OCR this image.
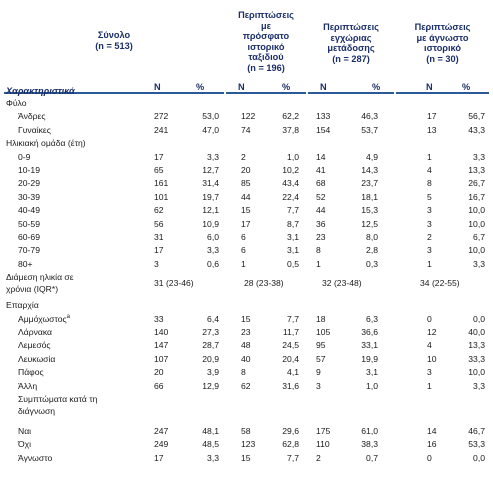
Σύνολο
(n = 513)
N	%
Χαρακτηριστικά
Περιπτώσεις
με
πρόσφατο
ιστορικό
ταξιδιού
(n = 196)
N	%
Περιπτώσεις
εγχώριας
μετάδοσης
(n = 287)
N	%
Περιπτώσεις
με άγνωστο
ιστορικό
(n = 30)
N	%
Φύλο
Άνδρες	272	53,0	122	62,2 133	46,3	17	56,7
Γυναίκες	241	47,0	74	37,8 154	53,7	13	43,3
Ηλικιακή ομάδα (έτη)
0-9	17	3,3	2	1,0 14	4,9	1	3,3
10-19	65	12,7	20	10,2 41	14,3	4	13,3
20-29	161	31,4	85	43,4 68	23,7	8	26,7
30-39	101	19,7	44	22,4 52	18,1	5	16,7
40-49	62	12,1	15	7,7 44	15,3	3	10,0
50-59	56	10,9	17	8,7 36	12,5	3	10,0
60-69	31	6,0	6	3,1 23	8,0	2	6,7
70-79	17	3,3	6	3,1 8	2,8	3	10,0
80+	3	0,6	1	0,5 1	0,3	1	3,3
Διάμεση ηλικία σε
χρόνια (IQR*)
31 (23-46)	28 (23-38)	32 (23-48)	34 (22-55)
Επαρχία
Αμμόχωστος$^a$	33	6,4	15	7,7 18	6,3	0	0,0
Λάρνακα	140	27,3	23	11,7 105	36,6	12	40,0
Λεμεσός	147	28,7	48	24,5 95	33,1	4	13,3
Λευκωσία	107	20,9	40	20,4 57	19,9	10	33,3
Πάφος	20	3,9	8	4,1 9	3,1	3	10,0
Άλλη	66	12,9	62	31,6 3	1,0	1	3,3
Συμπτώματα κατά τη
διάγνωση
Ναι	247	48,1	58	29,6 175	61,0	14	46,7
Όχι	249	48,5	123	62,8 110	38,3	16	53,3
Άγνωστο	17	3,3	15	7,7 2	0,7	0	0,0
